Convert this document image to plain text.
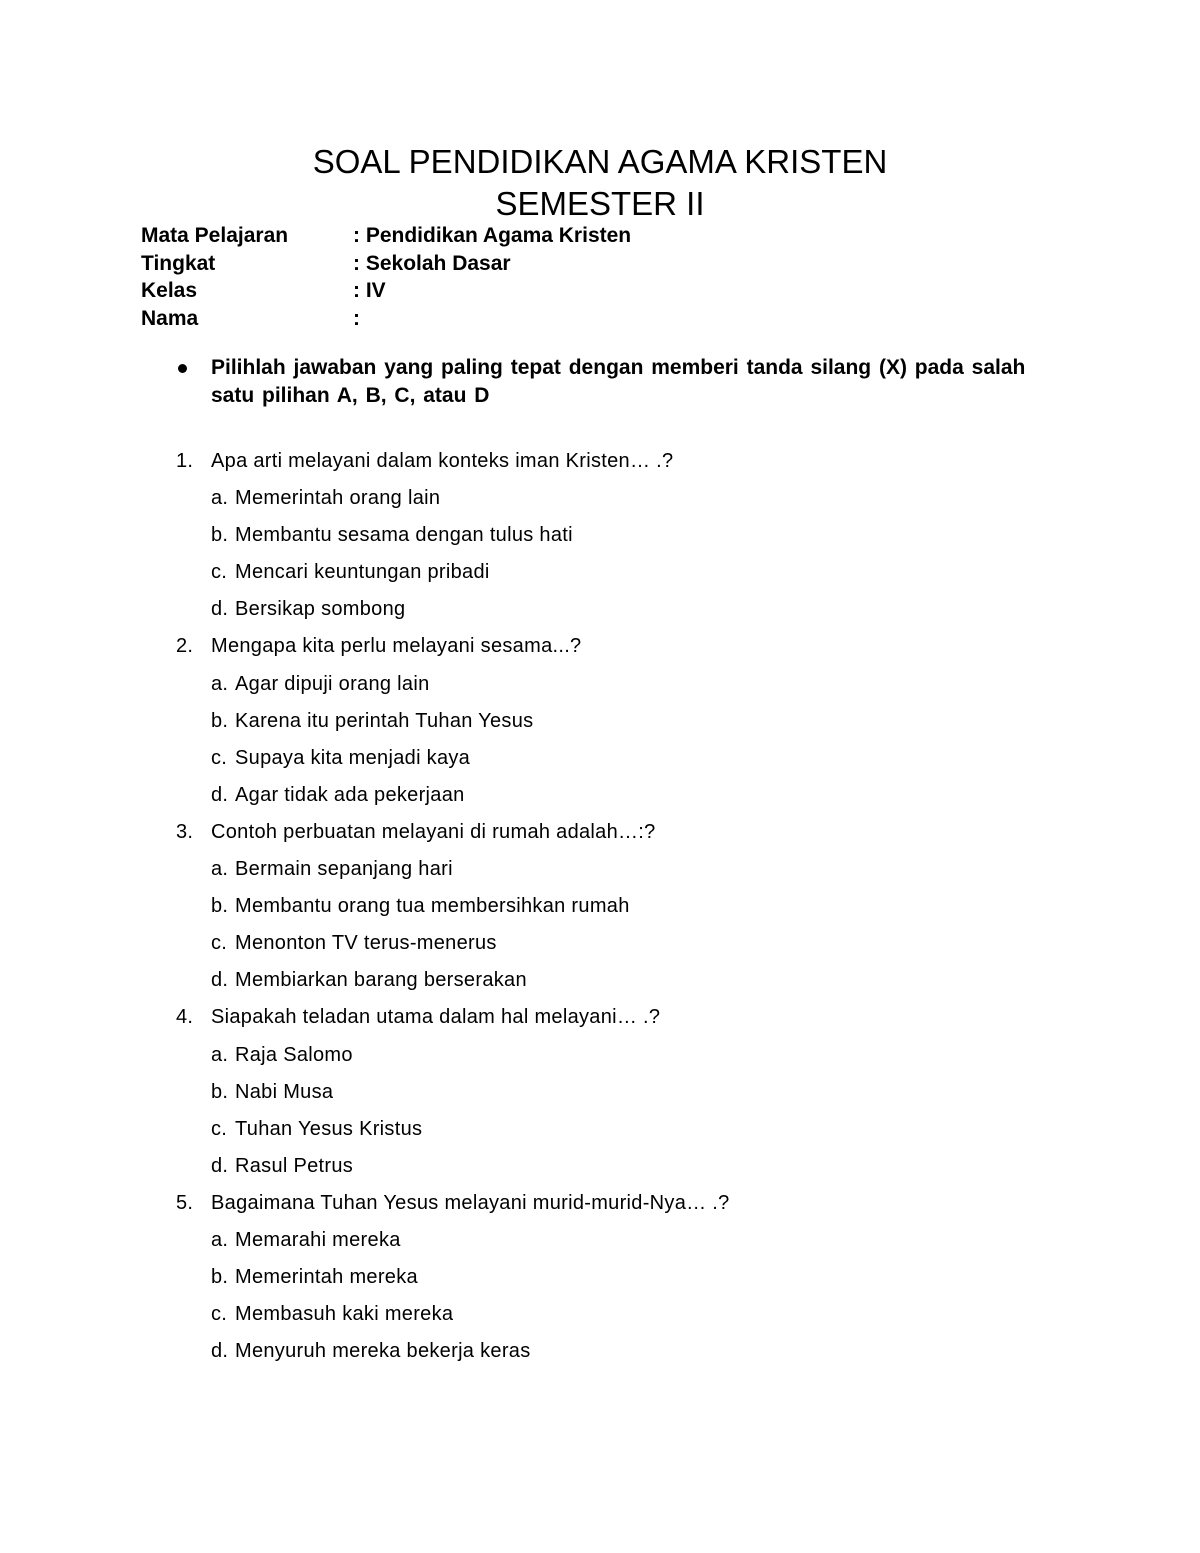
SOAL PENDIDIKAN AGAMA KRISTEN
SEMESTER II
Mata Pelajaran	: Pendidikan Agama Kristen
Tingkat	: Sekolah Dasar
Kelas	: IV
Nama	:
Pilihlah jawaban yang paling tepat dengan memberi tanda silang (X) pada salah satu pilihan A, B, C, atau D
1. Apa arti melayani dalam konteks iman Kristen… .?
a. Memerintah orang lain
b. Membantu sesama dengan tulus hati
c. Mencari keuntungan pribadi
d. Bersikap sombong
2. Mengapa kita perlu melayani sesama...?
a. Agar dipuji orang lain
b. Karena itu perintah Tuhan Yesus
c. Supaya kita menjadi kaya
d. Agar tidak ada pekerjaan
3. Contoh perbuatan melayani di rumah adalah…:?
a. Bermain sepanjang hari
b. Membantu orang tua membersihkan rumah
c. Menonton TV terus-menerus
d. Membiarkan barang berserakan
4. Siapakah teladan utama dalam hal melayani… .?
a. Raja Salomo
b. Nabi Musa
c. Tuhan Yesus Kristus
d. Rasul Petrus
5. Bagaimana Tuhan Yesus melayani murid-murid-Nya… .?
a. Memarahi mereka
b. Memerintah mereka
c. Membasuh kaki mereka
d. Menyuruh mereka bekerja keras
